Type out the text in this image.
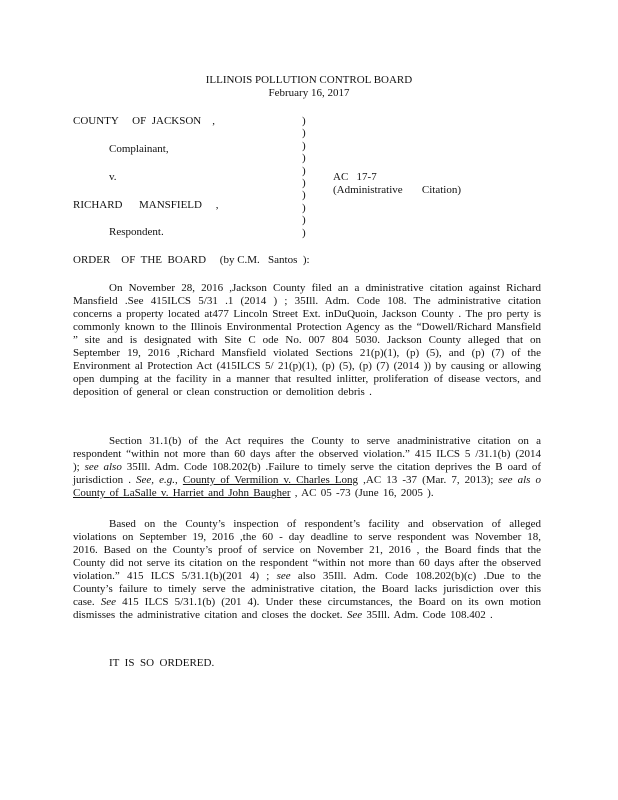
ILLINOIS POLLUTION CONTROL BOARD
February 16, 2017
COUNTY     OF  JACKSON    ,
Complainant,
v.
RICHARD      MANSFIELD     ,
Respondent.
)
)
)
)
)
)
)
)
)
)
AC   17-7
(Administrative       Citation)
ORDER    OF  THE  BOARD     (by C.M.   Santos  ):
On November 28, 2016 ,Jackson County filed an a dministrative citation against Richard Mansfield .See 415ILCS 5/31 .1 (2014 ) ; 35Ill. Adm. Code 108. The administrative citation concerns a property located at477 Lincoln Street Ext. inDuQuoin, Jackson County . The pro perty is commonly known to the Illinois Environmental Protection Agency as the “Dowell/Richard Mansfield ” site and is designated with Site C ode No. 007 804 5030. Jackson County alleged that on September 19, 2016 ,Richard Mansfield violated Sections 21(p)(1), (p) (5), and (p) (7) of the Environment al Protection Act (415ILCS 5/ 21(p)(1), (p) (5), (p) (7) (2014 )) by causing or allowing open dumping at the facility in a manner that resulted inlitter, proliferation of disease vectors, and deposition of general or clean construction or demolition debris .
Section 31.1(b) of the Act requires the County to serve anadministrative citation on a respondent “within not more than 60 days after the observed violation.” 415 ILCS 5 /31.1(b) (2014 ); see also 35Ill. Adm. Code 108.202(b) .Failure to timely serve the citation deprives the B oard of jurisdiction . See, e.g., County of Vermilion v. Charles Long ,AC 13 -37 (Mar. 7, 2013); see als o County of LaSalle v. Harriet and John Baugher , AC 05 -73 (June 16, 2005 ).
Based on the County’s inspection of respondent’s facility and observation of alleged violations on September 19, 2016 ,the 60 - day deadline to serve respondent was November 18, 2016. Based on the County’s proof of service on November 21, 2016 , the Board finds that the County did not serve its citation on the respondent “within not more than 60 days after the observed violation.” 415 ILCS 5/31.1(b)(201 4) ; see also 35Ill. Adm. Code 108.202(b)(c) .Due to the County’s failure to timely serve the administrative citation, the Board lacks jurisdiction over this case. See 415 ILCS 5/31.1(b) (201 4). Under these circumstances, the Board on its own motion dismisses the administrative citation and closes the docket. See 35Ill. Adm. Code 108.402 .
IT  IS  SO  ORDERED.
